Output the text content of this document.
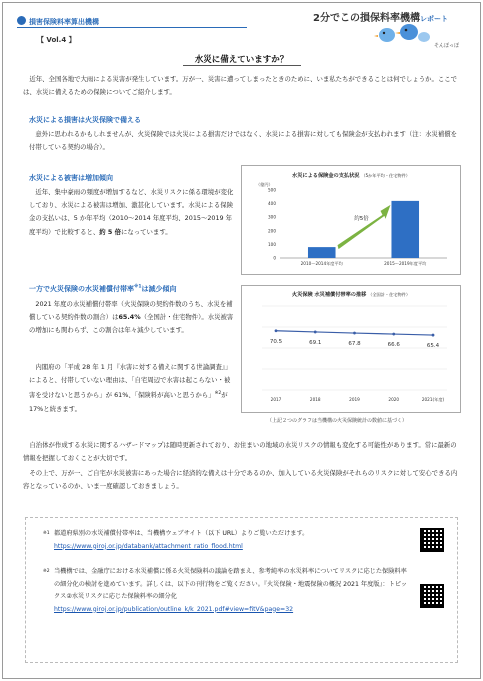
損害保険料率算出機構	2分でこの損保料率機構レポート
そんぽっぽ
【 Vol.4 】
水災に備えていますか？
近年、全国各地で大雨による災害が発生しています。万が一、災害に遭ってしまったときのために、いま私たちができることは何でしょうか。ここでは、水災に備えるための保険についてご紹介します。
水災による損害は火災保険で備える
意外に思われるかもしれませんが、火災保険では火災による損害だけではなく、水災による損害に対しても保険金が支払われます（注：水災補償を付帯している契約の場合）。
水災による被害は増加傾向
近年、集中豪雨の頻度が増加するなど、水災リスクに係る環境が変化しており、水災による被害は増加、激甚化しています。水災による保険金の支払いは、5 か年平均（2010～2014 年度平均、2015～2019 年度平均）で比較すると、約 5 倍になっています。
水災による保険金の支払状況 （5か年平均・住宅物件）
（億円）
0
100
200
300
400
500
2010～2014年度平均	2015～2019年度平均
約5倍
一方で火災保険の水災補償付帯率$^{※1}$は減少傾向
2021 年度の水災補償付帯率（火災保険の契約件数のうち、水災を補償している契約件数の割合）は65.4%（全国計・住宅物件）。水災被害の増加にも関わらず、この割合は年々減少しています。
内閣府の「平成 28 年 1 月『水害に対する備えに関する世論調査』」によると、付帯していない理由は、「自宅周辺で水害は起こらない・被害を受けないと思うから」が 61%、「保険料が高いと思うから」$^{※2}$が 17%と続きます。
火災保険 水災補償付帯率の推移 （全国計・住宅物件）
70.5
2017
69.1
2018
67.8
2019
66.6
2020
65.4
2021(年度)
（上記２つのグラフは当機構の火災保険統計の数値に基づく）
自治体が作成する水災に関するハザードマップは随時更新されており、お住まいの地域の水災リスクの情報も変化する可能性があります。常に最新の情報を把握しておくことが大切です。
その上で、万が一、ご自宅が水災被害にあった場合に経済的な備えは十分であるのか、加入している火災保険がそれらのリスクに対して安心できる内容となっているのか、いま一度確認しておきましょう。
※1 都道府県別の水災補償付帯率は、当機構ウェブサイト（以下 URL）よりご覧いただけます。
https://www.giroj.or.jp/databank/attachment_ratio_flood.html
※2 当機構では、金融庁における水災補償に係る火災保険料の議論を踏まえ、参考純率の水災料率についてリスクに応じた保険料率の細分化の検討を進めています。詳しくは、以下の刊行物をご覧ください。『火災保険・地震保険の概況 2021 年度版』：トピックス②水災リスクに応じた保険料率の細分化
https://www.giroj.or.jp/publication/outline_k/k_2021.pdf#view=fitV&page=32
